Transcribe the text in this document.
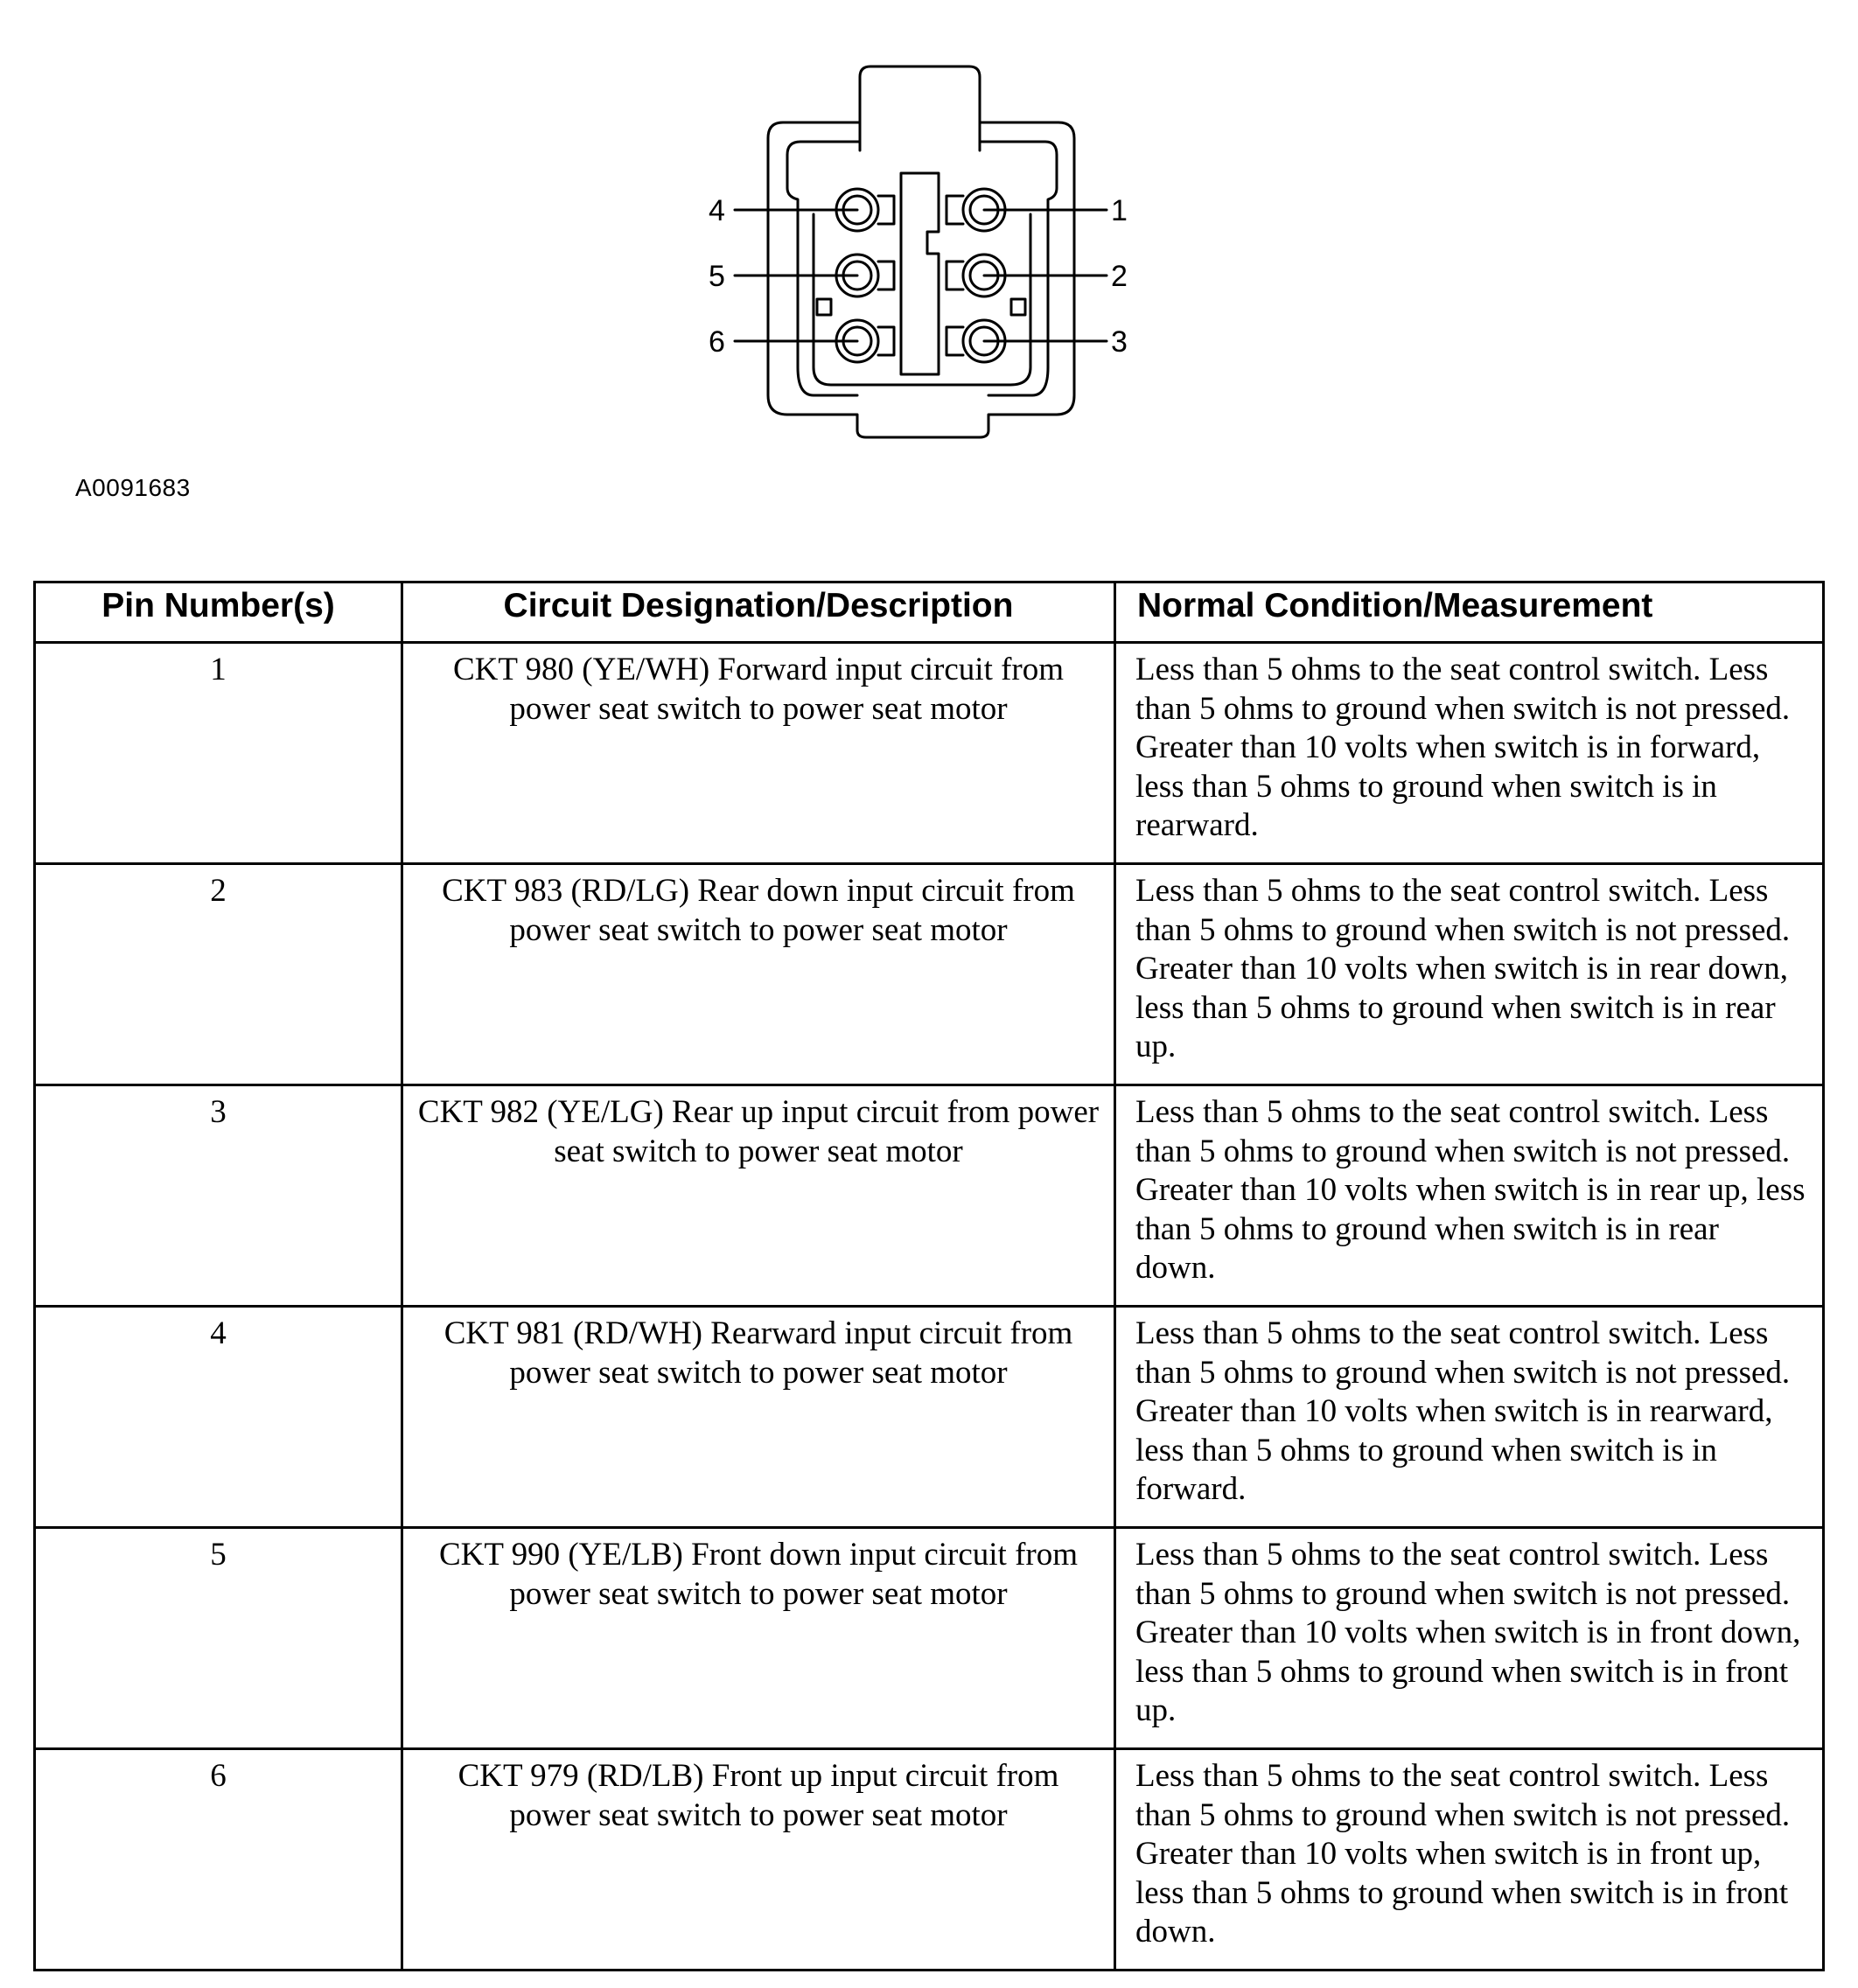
4
5
6
1
2
3
A0091683
Pin Number(s)	Circuit Designation/Description	Normal Condition/Measurement
1	CKT 980 (YE/WH) Forward input circuit from power seat switch to power seat motor	Less than 5 ohms to the seat control switch. Less than 5 ohms to ground when switch is not pressed. Greater than 10 volts when switch is in forward, less than 5 ohms to ground when switch is in rearward.
2	CKT 983 (RD/LG) Rear down input circuit from power seat switch to power seat motor	Less than 5 ohms to the seat control switch. Less than 5 ohms to ground when switch is not pressed. Greater than 10 volts when switch is in rear down, less than 5 ohms to ground when switch is in rear up.
3	CKT 982 (YE/LG) Rear up input circuit from power seat switch to power seat motor	Less than 5 ohms to the seat control switch. Less than 5 ohms to ground when switch is not pressed. Greater than 10 volts when switch is in rear up, less than 5 ohms to ground when switch is in rear down.
4	CKT 981 (RD/WH) Rearward input circuit from power seat switch to power seat motor	Less than 5 ohms to the seat control switch. Less than 5 ohms to ground when switch is not pressed. Greater than 10 volts when switch is in rearward, less than 5 ohms to ground when switch is in forward.
5	CKT 990 (YE/LB) Front down input circuit from power seat switch to power seat motor	Less than 5 ohms to the seat control switch. Less than 5 ohms to ground when switch is not pressed. Greater than 10 volts when switch is in front down, less than 5 ohms to ground when switch is in front up.
6	CKT 979 (RD/LB) Front up input circuit from power seat switch to power seat motor	Less than 5 ohms to the seat control switch. Less than 5 ohms to ground when switch is not pressed. Greater than 10 volts when switch is in front up, less than 5 ohms to ground when switch is in front down.
